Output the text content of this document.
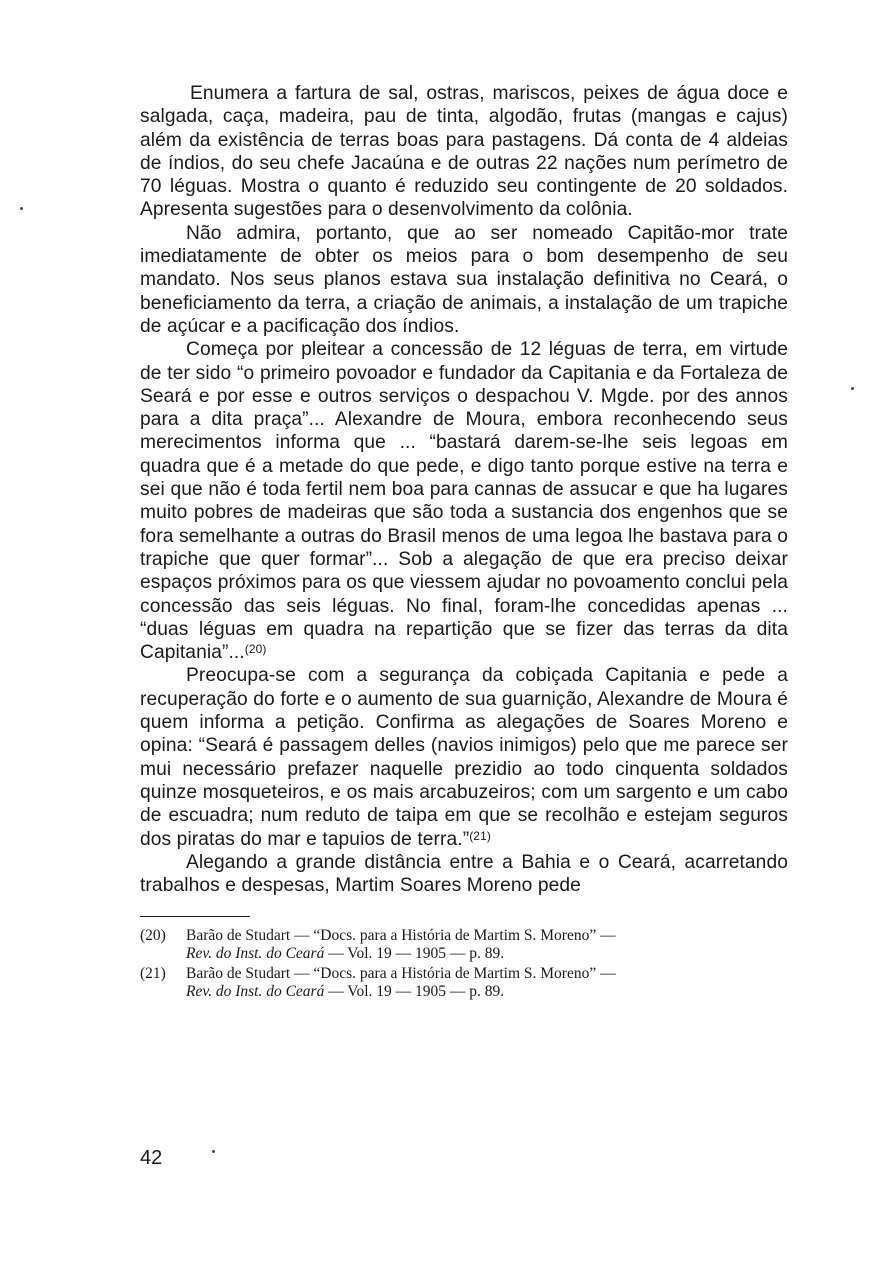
Enumera a fartura de sal, ostras, mariscos, peixes de água doce e salgada, caça, madeira, pau de tinta, algodão, frutas (mangas e cajus) além da existência de terras boas para pastagens. Dá conta de 4 aldeias de índios, do seu chefe Jacaúna e de outras 22 nações num perímetro de 70 léguas. Mostra o quanto é reduzido seu contingente de 20 soldados. Apresenta sugestões para o desenvolvimento da colônia.

Não admira, portanto, que ao ser nomeado Capitão-mor trate imediatamente de obter os meios para o bom desempenho de seu mandato. Nos seus planos estava sua instalação definitiva no Ceará, o beneficiamento da terra, a criação de animais, a instalação de um trapiche de açúcar e a pacificação dos índios.

Começa por pleitear a concessão de 12 léguas de terra, em virtude de ter sido “o primeiro povoador e fundador da Capitania e da Fortaleza de Seará e por esse e outros serviços o despachou V. Mgde. por des annos para a dita praça”... Alexandre de Moura, embora reconhecendo seus merecimentos informa que ... “bastará darem-se-lhe seis legoas em quadra que é a metade do que pede, e digo tanto porque estive na terra e sei que não é toda fertil nem boa para cannas de assucar e que ha lugares muito pobres de madeiras que são toda a sustancia dos engenhos que se fora semelhante a outras do Brasil menos de uma legoa lhe bastava para o trapiche que quer formar”... Sob a alegação de que era preciso deixar espaços próximos para os que viessem ajudar no povoamento conclui pela concessão das seis léguas. No final, foram-lhe concedidas apenas ... “duas léguas em quadra na repartição que se fizer das terras da dita Capitania”...$^{(20)}$

Preocupa-se com a segurança da cobiçada Capitania e pede a recuperação do forte e o aumento de sua guarnição, Alexandre de Moura é quem informa a petição. Confirma as alegações de Soares Moreno e opina: “Seará é passagem delles (navios inimigos) pelo que me parece ser mui necessário prefazer naquelle prezidio ao todo cinquenta soldados quinze mosqueteiros, e os mais arcabuzeiros; com um sargento e um cabo de escuadra; num reduto de taipa em que se recolhão e estejam seguros dos piratas do mar e tapuios de terra.”$^{(21)}$

Alegando a grande distância entre a Bahia e o Ceará, acarretando trabalhos e despesas, Martim Soares Moreno pede

(20)	Barão de Studart — “Docs. para a História de Martim S. Moreno” —
Rev. do Inst. do Ceará — Vol. 19 — 1905 — p. 89.
(21)	Barão de Studart — “Docs. para a História de Martim S. Moreno” —
Rev. do Inst. do Ceará — Vol. 19 — 1905 — p. 89.
42
